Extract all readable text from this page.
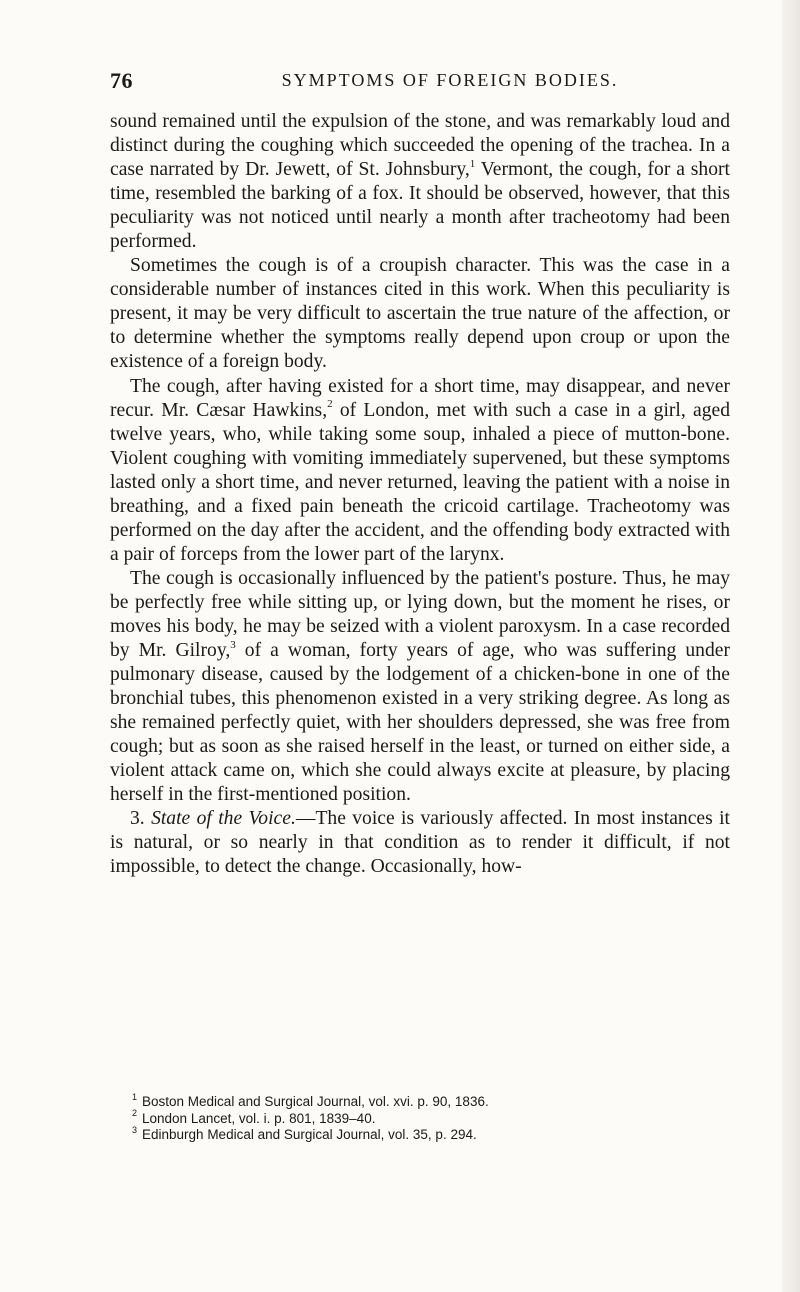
76	SYMPTOMS OF FOREIGN BODIES.

sound remained until the expulsion of the stone, and was remarkably loud and distinct during the coughing which succeeded the opening of the trachea. In a case narrated by Dr. Jewett, of St. Johnsbury,$^1$ Vermont, the cough, for a short time, resembled the barking of a fox. It should be observed, however, that this peculiarity was not noticed until nearly a month after tracheotomy had been performed.

Sometimes the cough is of a croupish character. This was the case in a considerable number of instances cited in this work. When this peculiarity is present, it may be very difficult to ascertain the true nature of the affection, or to determine whether the symptoms really depend upon croup or upon the existence of a foreign body.

The cough, after having existed for a short time, may disappear, and never recur. Mr. Cæsar Hawkins,$^2$ of London, met with such a case in a girl, aged twelve years, who, while taking some soup, inhaled a piece of mutton-bone. Violent coughing with vomiting immediately supervened, but these symptoms lasted only a short time, and never returned, leaving the patient with a noise in breathing, and a fixed pain beneath the cricoid cartilage. Tracheotomy was performed on the day after the accident, and the offending body extracted with a pair of forceps from the lower part of the larynx.

The cough is occasionally influenced by the patient's posture. Thus, he may be perfectly free while sitting up, or lying down, but the moment he rises, or moves his body, he may be seized with a violent paroxysm. In a case recorded by Mr. Gilroy,$^3$ of a woman, forty years of age, who was suffering under pulmonary disease, caused by the lodgement of a chicken-bone in one of the bronchial tubes, this phenomenon existed in a very striking degree. As long as she remained perfectly quiet, with her shoulders depressed, she was free from cough; but as soon as she raised herself in the least, or turned on either side, a violent attack came on, which she could always excite at pleasure, by placing herself in the first-mentioned position.

3. State of the Voice.—The voice is variously affected. In most instances it is natural, or so nearly in that condition as to render it difficult, if not impossible, to detect the change. Occasionally, how-

$^1$ Boston Medical and Surgical Journal, vol. xvi. p. 90, 1836.
$^2$ London Lancet, vol. i. p. 801, 1839–40.
$^3$ Edinburgh Medical and Surgical Journal, vol. 35, p. 294.
